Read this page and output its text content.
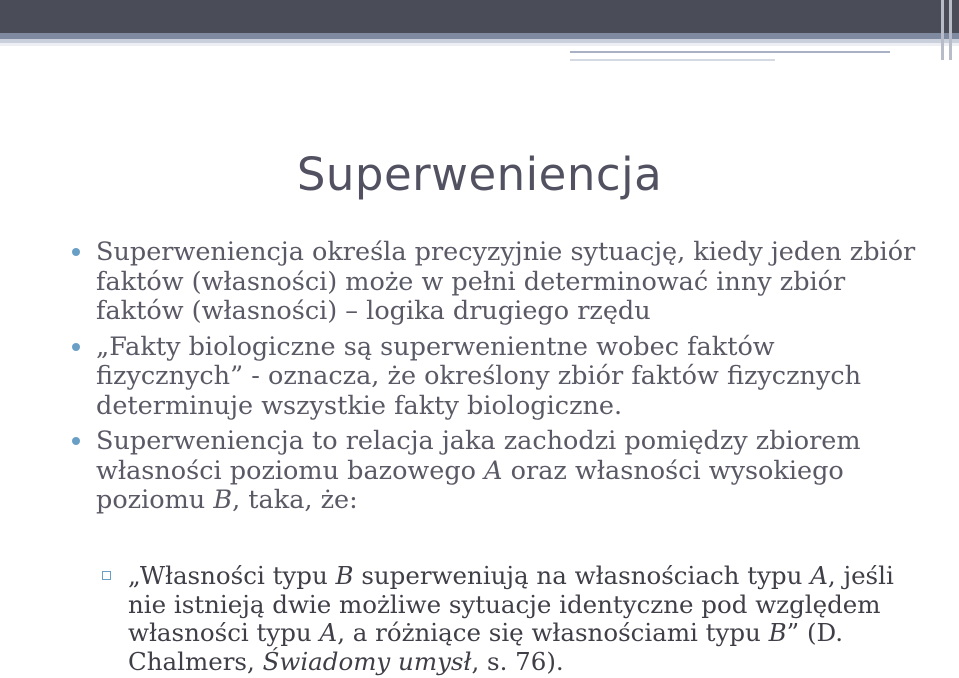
Superweniencja
Superweniencja określa precyzyjnie sytuację, kiedy jeden zbiór faktów (własności) może w pełni determinować inny zbiór faktów (własności) – logika drugiego rzędu
„Fakty biologiczne są superwenientne wobec faktów fizycznych” - oznacza, że określony zbiór faktów fizycznych determinuje wszystkie fakty biologiczne.
Superweniencja to relacja jaka zachodzi pomiędzy zbiorem własności poziomu bazowego A oraz własności wysokiego poziomu B, taka, że:
„Własności typu B superweniują na własnościach typu A, jeśli nie istnieją dwie możliwe sytuacje identyczne pod względem własności typu A, a różniące się własnościami typu B” (D. Chalmers, Świadomy umysł, s. 76).
